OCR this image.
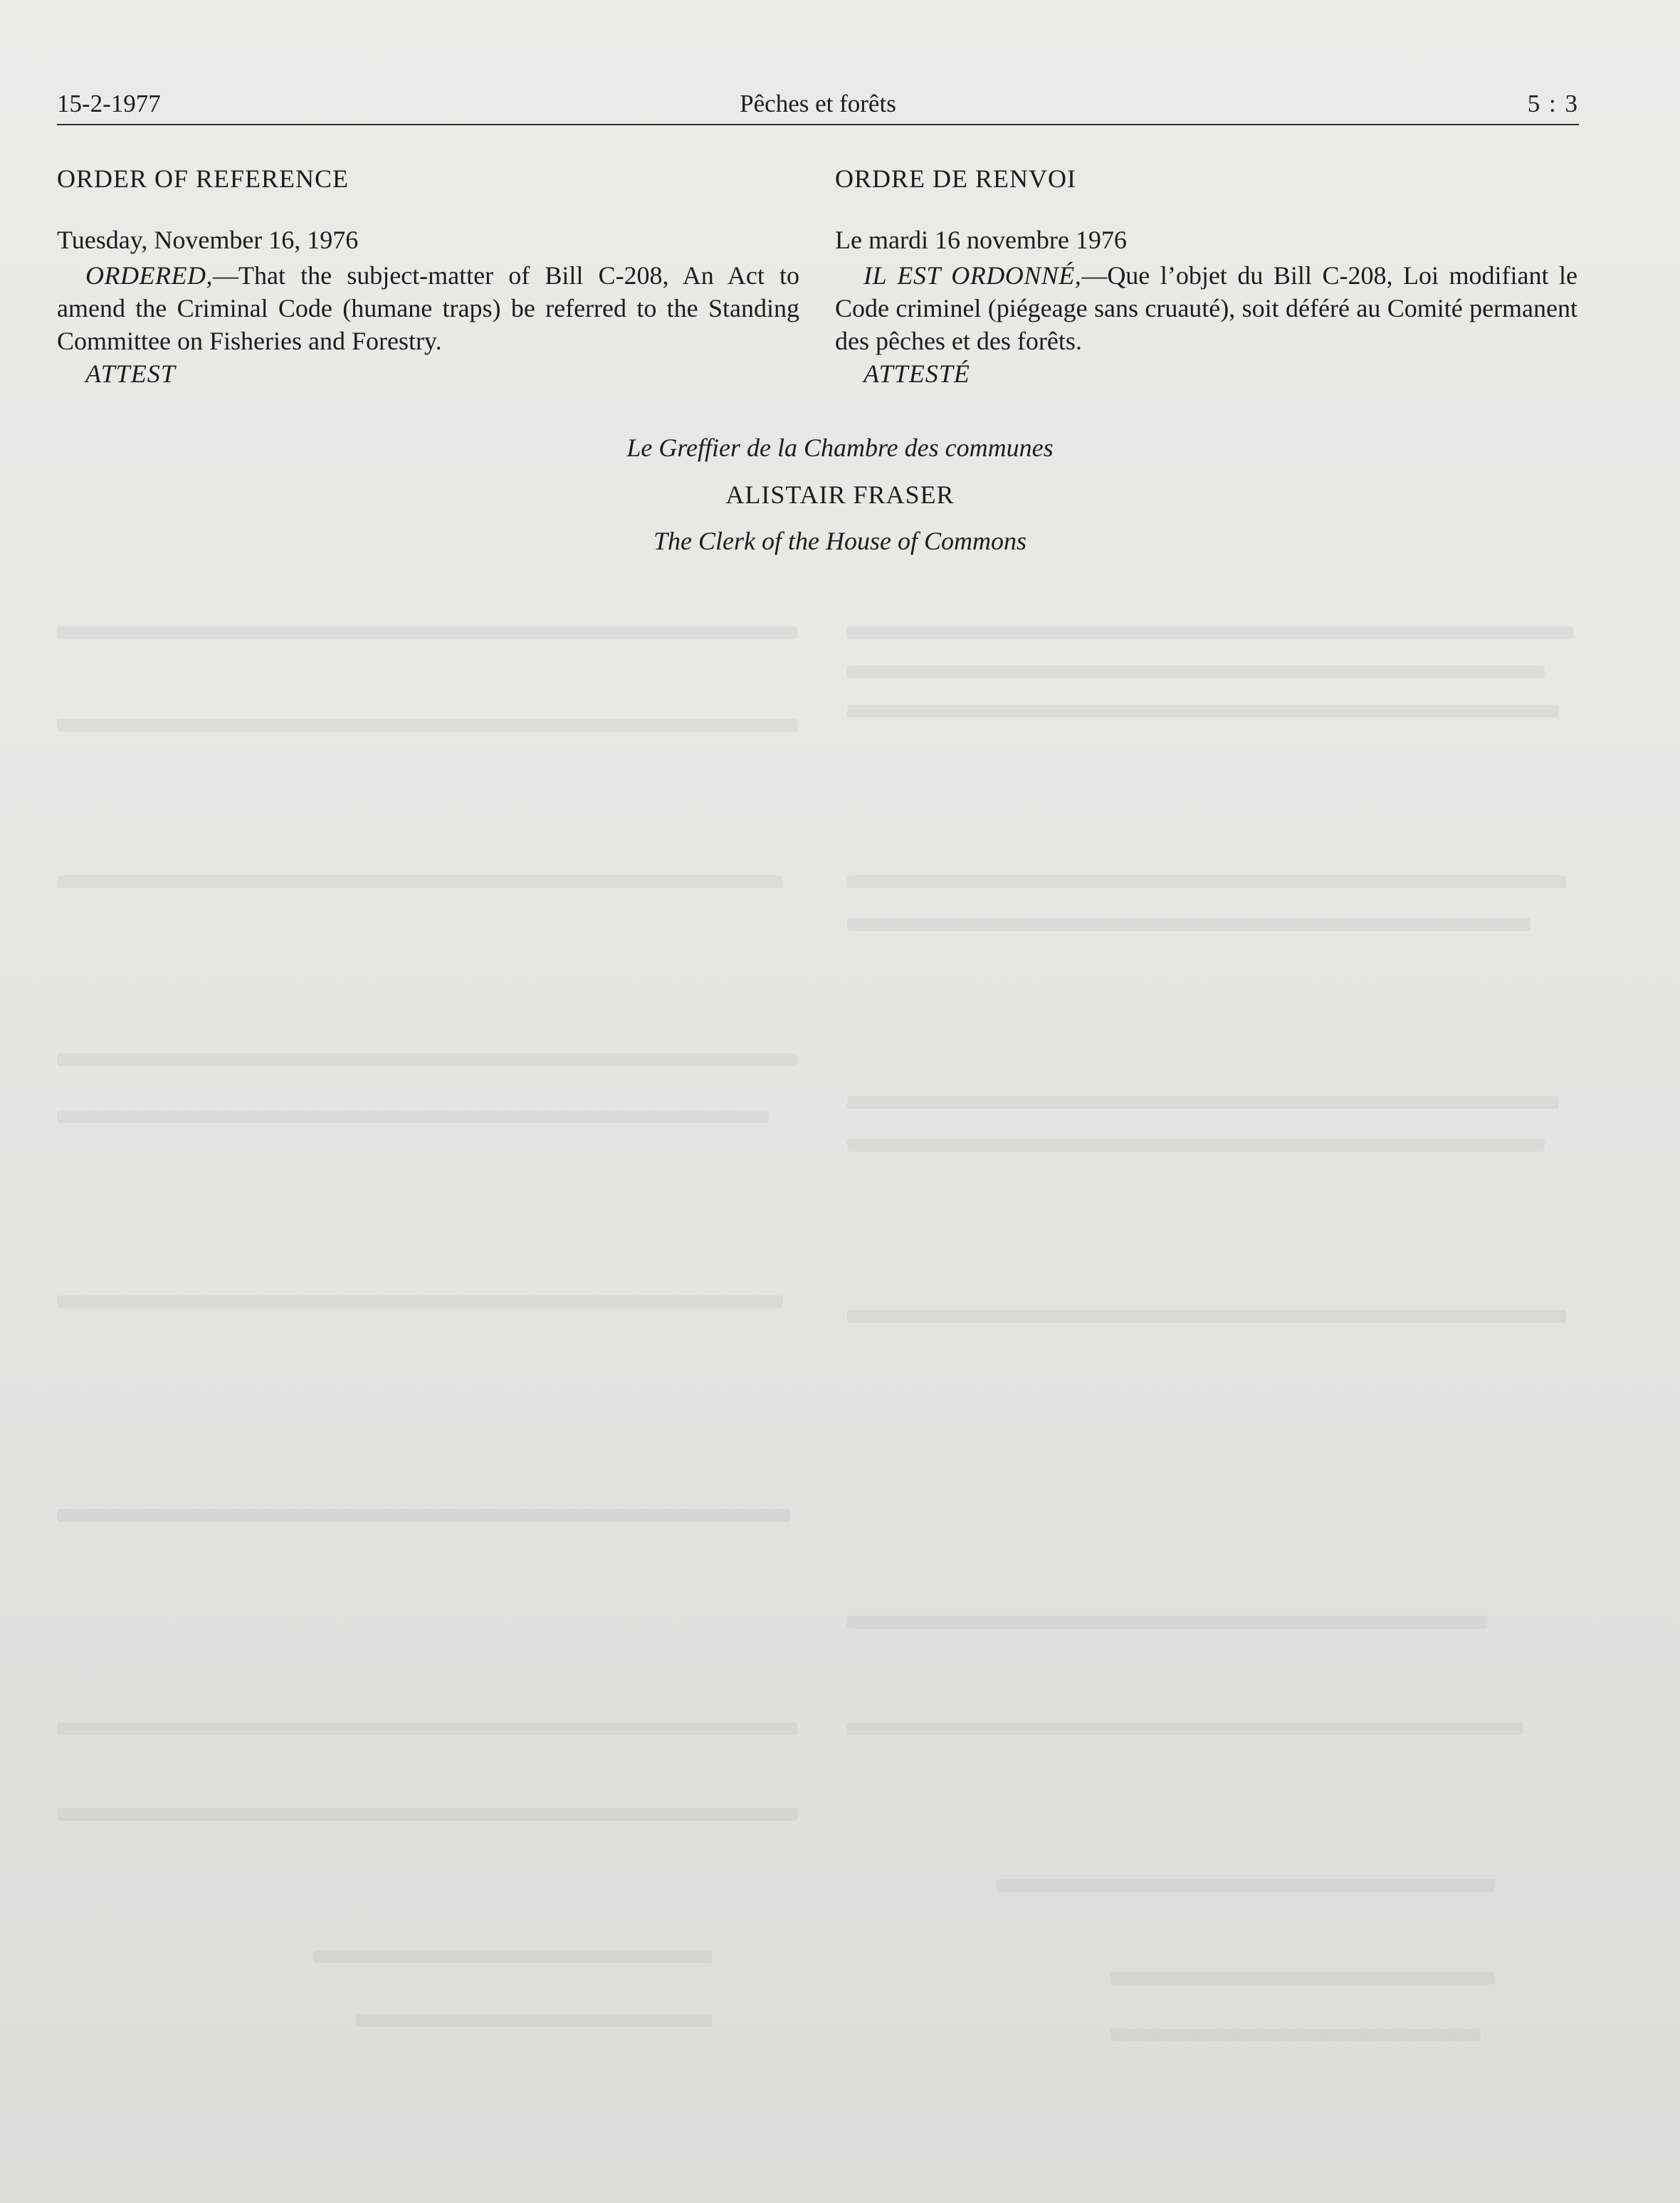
15-2-1977	Pêches et forêts	5 : 3
ORDER OF REFERENCE
Tuesday, November 16, 1976

ORDERED,—That the subject-matter of Bill C-208, An Act to amend the Criminal Code (humane traps) be referred to the Standing Committee on Fisheries and Forestry.

ATTEST
ORDRE DE RENVOI
Le mardi 16 novembre 1976

IL EST ORDONNÉ,—Que l’objet du Bill C-208, Loi modifiant le Code criminel (piégeage sans cruauté), soit déféré au Comité permanent des pêches et des forêts.

ATTESTÉ
Le Greffier de la Chambre des communes
ALISTAIR FRASER
The Clerk of the House of Commons
